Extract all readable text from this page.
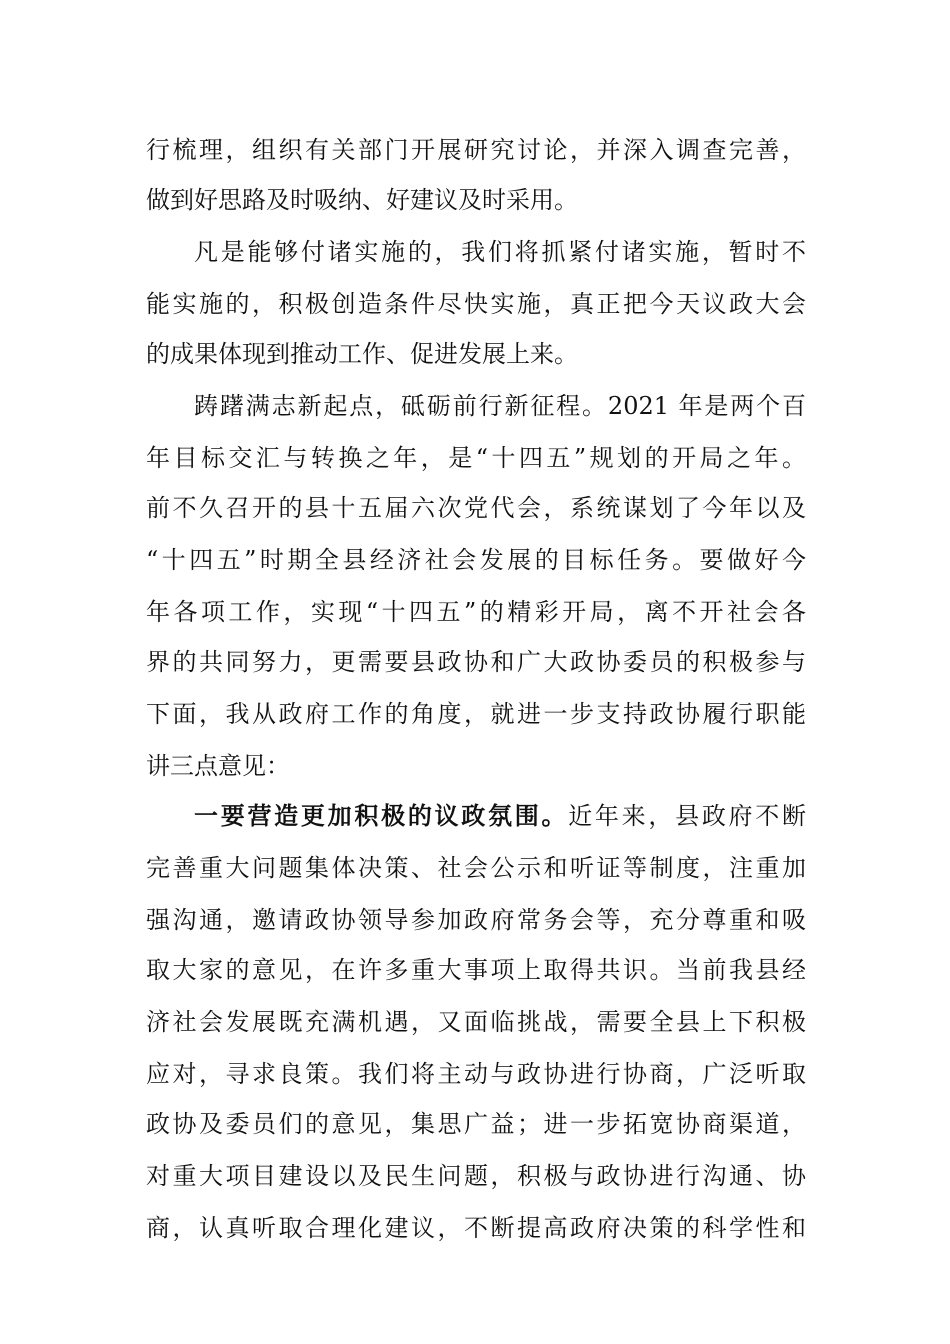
行梳理，组织有关部门开展研究讨论，并深入调查完善，
做到好思路及时吸纳、好建议及时采用。
凡是能够付诸实施的，我们将抓紧付诸实施，暂时不
能实施的，积极创造条件尽快实施，真正把今天议政大会
的成果体现到推动工作、促进发展上来。
踌躇满志新起点，砥砺前行新征程。2021 年是两个百
年目标交汇与转换之年，是“十四五”规划的开局之年。
前不久召开的县十五届六次党代会，系统谋划了今年以及
“十四五”时期全县经济社会发展的目标任务。要做好今
年各项工作，实现“十四五”的精彩开局，离不开社会各
界的共同努力，更需要县政协和广大政协委员的积极参与
下面，我从政府工作的角度，就进一步支持政协履行职能
讲三点意见：
一要营造更加积极的议政氛围。近年来，县政府不断
完善重大问题集体决策、社会公示和听证等制度，注重加
强沟通，邀请政协领导参加政府常务会等，充分尊重和吸
取大家的意见，在许多重大事项上取得共识。当前我县经
济社会发展既充满机遇，又面临挑战，需要全县上下积极
应对，寻求良策。我们将主动与政协进行协商，广泛听取
政协及委员们的意见，集思广益；进一步拓宽协商渠道，
对重大项目建设以及民生问题，积极与政协进行沟通、协
商，认真听取合理化建议，不断提高政府决策的科学性和
